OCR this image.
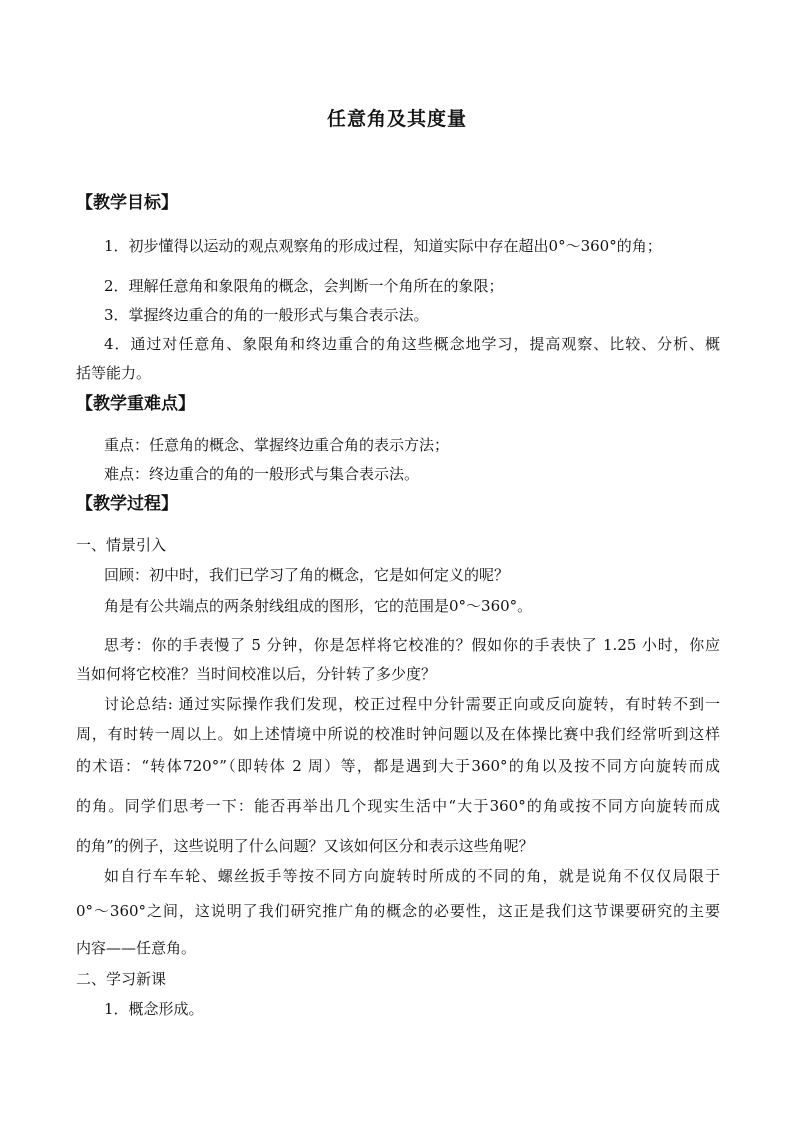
任意角及其度量
【教学目标】
1．初步懂得以运动的观点观察角的形成过程，知道实际中存在超出0°～360°的角；
2．理解任意角和象限角的概念，会判断一个角所在的象限；
3．掌握终边重合的角的一般形式与集合表示法。
4．通过对任意角、象限角和终边重合的角这些概念地学习，提高观察、比较、分析、概
括等能力。
【教学重难点】
重点：任意角的概念、掌握终边重合角的表示方法；
难点：终边重合的角的一般形式与集合表示法。
【教学过程】
一、情景引入
回顾：初中时，我们已学习了角的概念，它是如何定义的呢？
角是有公共端点的两条射线组成的图形，它的范围是0°～360°。
思考：你的手表慢了 5 分钟，你是怎样将它校准的？假如你的手表快了 1.25 小时，你应
当如何将它校准？当时间校准以后，分针转了多少度？
讨论总结: 通过实际操作我们发现，校正过程中分针需要正向或反向旋转，有时转不到一
周，有时转一周以上。如上述情境中所说的校准时钟问题以及在体操比赛中我们经常听到这样
的术语：“转体720°”（即转体 2 周）等，都是遇到大于360°的角以及按不同方向旋转而成
的角。同学们思考一下：能否再举出几个现实生活中“大于360°的角或按不同方向旋转而成
的角”的例子，这些说明了什么问题？又该如何区分和表示这些角呢？
如自行车车轮、螺丝扳手等按不同方向旋转时所成的不同的角，就是说角不仅仅局限于
0°～360°之间，这说明了我们研究推广角的概念的必要性，这正是我们这节课要研究的主要
内容——任意角。
二、学习新课
1．概念形成。
